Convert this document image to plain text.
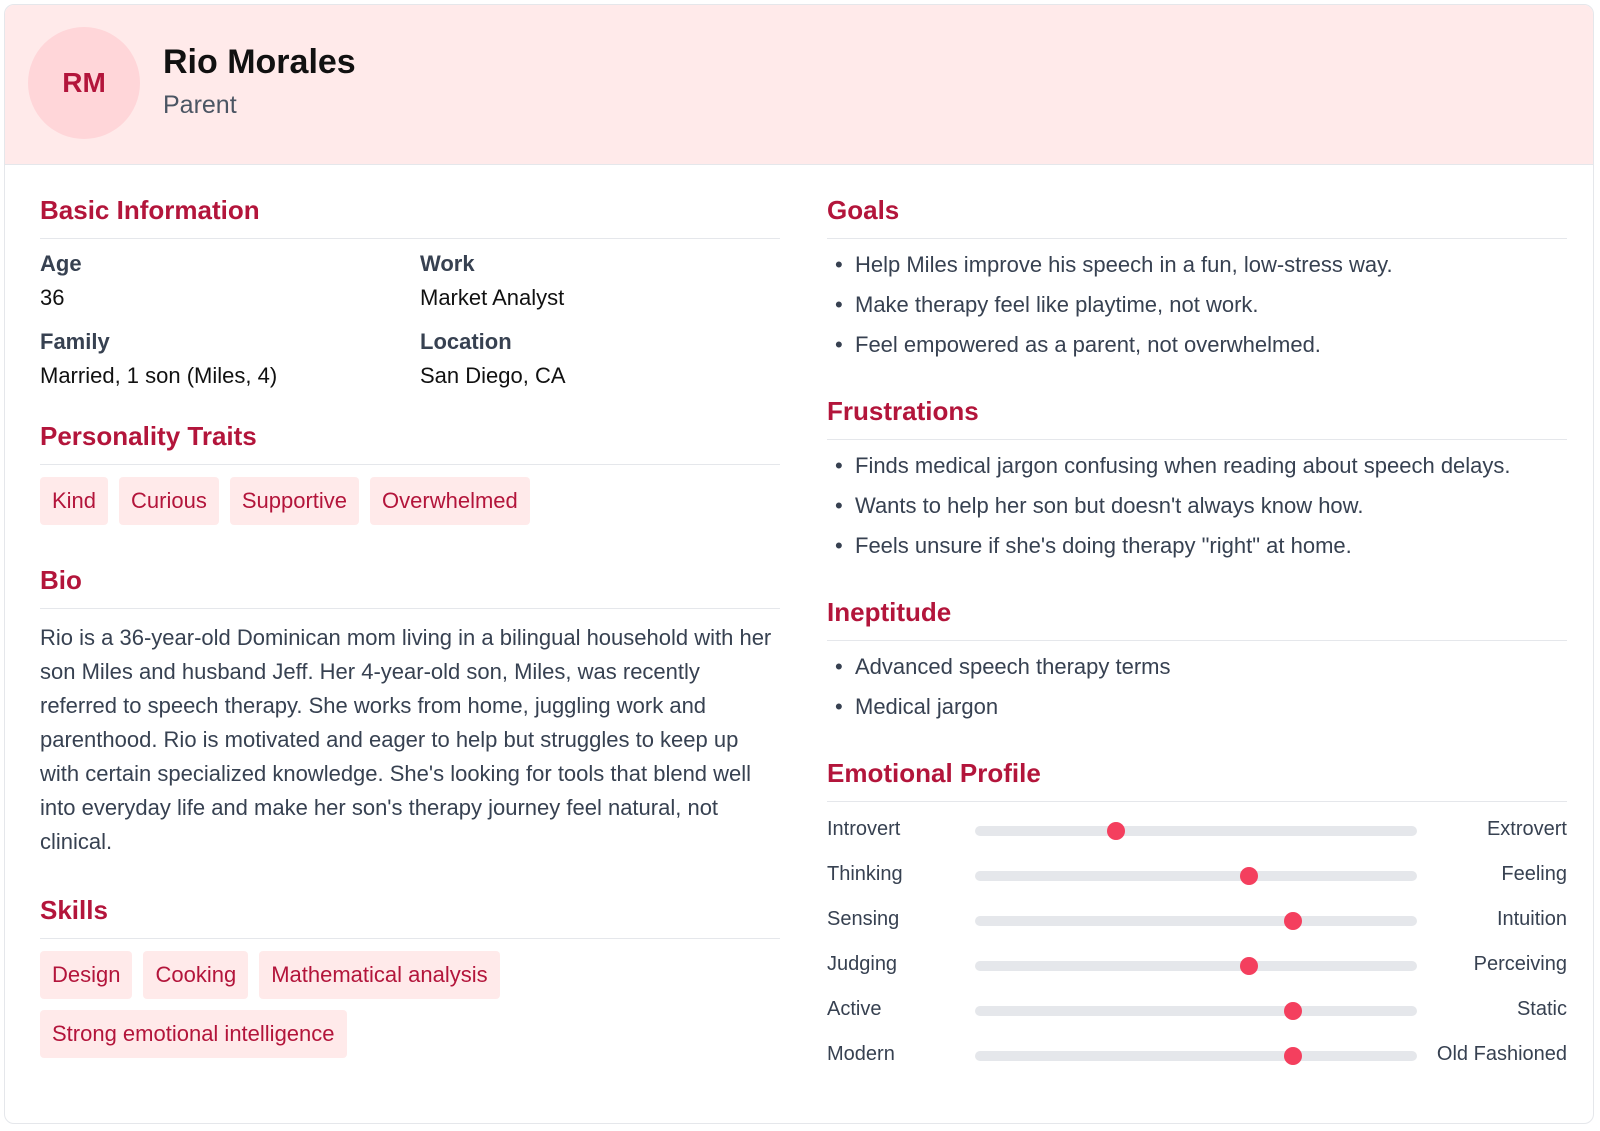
RM
Rio Morales
Parent
Basic Information
Age
36
Work
Market Analyst
Family
Married, 1 son (Miles, 4)
Location
San Diego, CA
Personality Traits
Kind	Curious	Supportive	Overwhelmed
Bio

Rio is a 36-year-old Dominican mom living in a bilingual household with her son Miles and husband Jeff. Her 4-year-old son, Miles, was recently referred to speech therapy. She works from home, juggling work and parenthood. Rio is motivated and eager to help but struggles to keep up with certain specialized knowledge. She's looking for tools that blend well into everyday life and make her son's therapy journey feel natural, not clinical.

Skills
Design	Cooking	Mathematical analysis
Strong emotional intelligence
Goals
• Help Miles improve his speech in a fun, low-stress way.
• Make therapy feel like playtime, not work.
• Feel empowered as a parent, not overwhelmed.
Frustrations
• Finds medical jargon confusing when reading about speech delays.
• Wants to help her son but doesn't always know how.
• Feels unsure if she's doing therapy "right" at home.
Ineptitude
• Advanced speech therapy terms
• Medical jargon
Emotional Profile
Introvert	Extrovert
Thinking	Feeling
Sensing	Intuition
Judging	Perceiving
Active	Static
Modern	Old Fashioned
